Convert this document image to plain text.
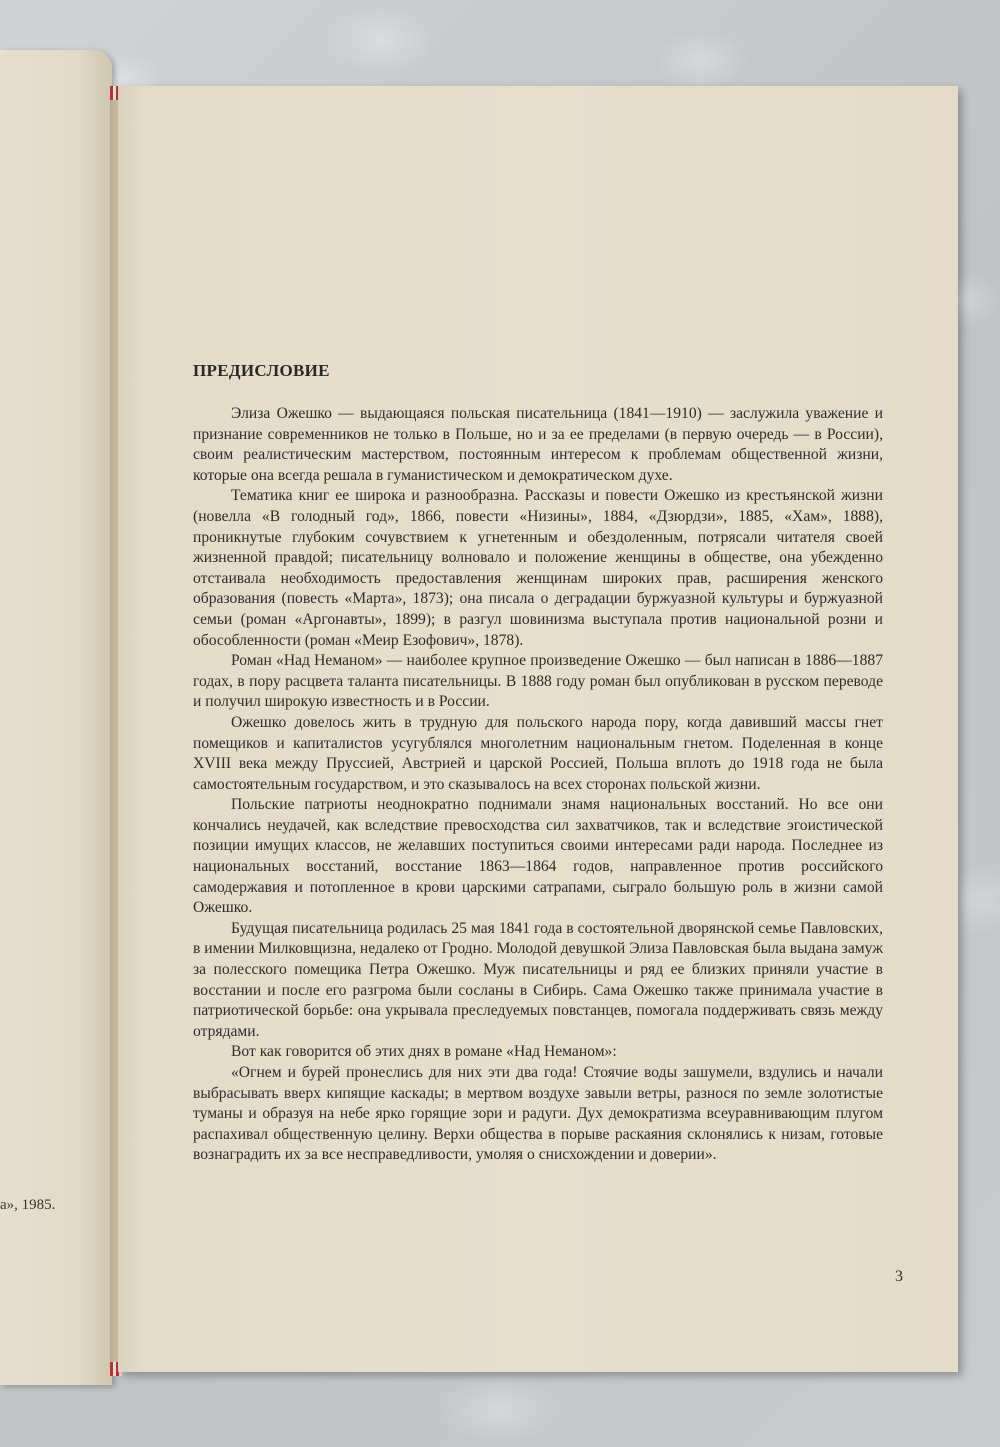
а», 1985.
ПРЕДИСЛОВИЕ

Элиза Ожешко — выдающаяся польская писательница (1841—1910) — заслужила уважение и признание современников не только в Польше, но и за ее пределами (в первую очередь — в России), своим реалистическим мастерством, постоянным интересом к проблемам общественной жизни, которые она всегда решала в гуманистическом и демократическом духе.

Тематика книг ее широка и разнообразна. Рассказы и повести Ожешко из крестьянской жизни (новелла «В голодный год», 1866, повести «Низины», 1884, «Дзюрдзи», 1885, «Хам», 1888), проникнутые глубоким сочувствием к угнетенным и обездоленным, потрясали читателя своей жизненной правдой; писательницу волновало и положение женщины в обществе, она убежденно отстаивала необходимость предоставления женщинам широких прав, расширения женского образования (повесть «Марта», 1873); она писала о деградации буржуазной культуры и буржуазной семьи (роман «Аргонавты», 1899); в разгул шовинизма выступала против национальной розни и обособленности (роман «Меир Езофович», 1878).

Роман «Над Неманом» — наиболее крупное произведение Ожешко — был написан в 1886—1887 годах, в пору расцвета таланта писательницы. В 1888 году роман был опубликован в русском переводе и получил широкую известность и в России.

Ожешко довелось жить в трудную для польского народа пору, когда давивший массы гнет помещиков и капиталистов усугублялся многолетним национальным гнетом. Поделенная в конце XVIII века между Пруссией, Австрией и царской Россией, Польша вплоть до 1918 года не была самостоятельным государством, и это сказывалось на всех сторонах польской жизни.

Польские патриоты неоднократно поднимали знамя национальных восстаний. Но все они кончались неудачей, как вследствие превосходства сил захватчиков, так и вследствие эгоистической позиции имущих классов, не желавших поступиться своими интересами ради народа. Последнее из национальных восстаний, восстание 1863—1864 годов, направленное против российского самодержавия и потопленное в крови царскими сатрапами, сыграло большую роль в жизни самой Ожешко.

Будущая писательница родилась 25 мая 1841 года в состоятельной дворянской семье Павловских, в имении Милковщизна, недалеко от Гродно. Молодой девушкой Элиза Павловская была выдана замуж за полесского помещика Петра Ожешко. Муж писательницы и ряд ее близких приняли участие в восстании и после его разгрома были сосланы в Сибирь. Сама Ожешко также принимала участие в патриотической борьбе: она укрывала преследуемых повстанцев, помогала поддерживать связь между отрядами.

Вот как говорится об этих днях в романе «Над Неманом»:

«Огнем и бурей пронеслись для них эти два года! Стоячие воды зашумели, вздулись и начали выбрасывать вверх кипящие каскады; в мертвом воздухе завыли ветры, разнося по земле золотистые туманы и образуя на небе ярко горящие зори и радуги. Дух демократизма всеуравнивающим плугом распахивал общественную целину. Верхи общества в порыве раскаяния склонялись к низам, готовые вознаградить их за все несправедливости, умоляя о снисхождении и доверии».

3
